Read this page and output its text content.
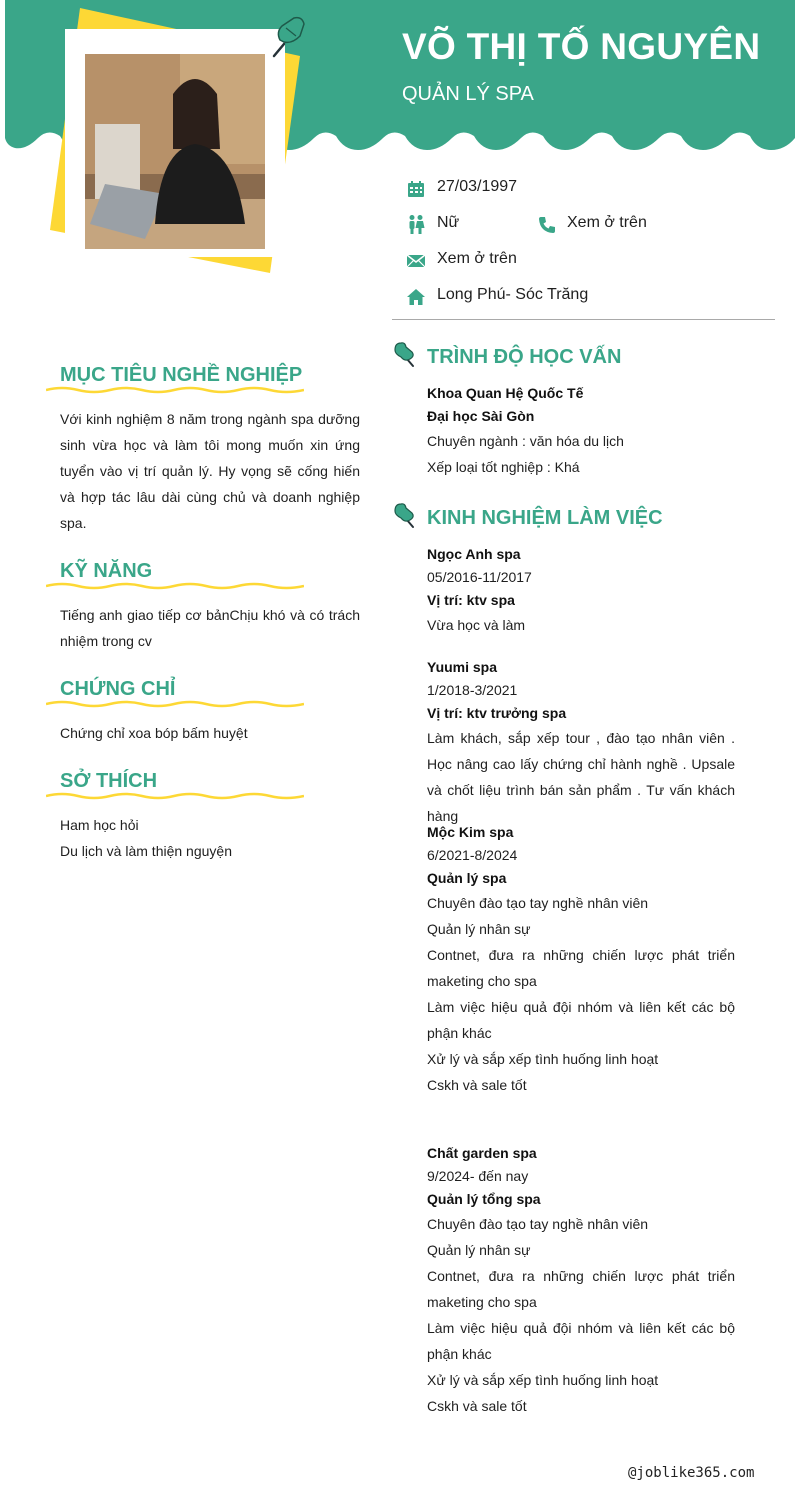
VÕ THỊ TỐ NGUYÊN
QUẢN LÝ SPA
27/03/1997
Nữ	Xem ở trên
Xem ở trên
Long Phú- Sóc Trăng
MỤC TIÊU NGHỀ NGHIỆP

Với kinh nghiệm 8 năm trong ngành spa dưỡng sinh vừa học và làm tôi mong muốn xin ứng tuyển vào vị trí quản lý. Hy vọng sẽ cống hiến và hợp tác lâu dài cùng chủ và doanh nghiệp spa.

KỸ NĂNG

Tiếng anh giao tiếp cơ bảnChịu khó và có trách nhiệm trong cv

CHỨNG CHỈ

Chứng chỉ xoa bóp bấm huyệt

SỞ THÍCH

Ham học hỏi

Du lịch và làm thiện nguyện

TRÌNH ĐỘ HỌC VẤN
Khoa Quan Hệ Quốc Tế
Đại học Sài Gòn
Chuyên ngành : văn hóa du lịch
Xếp loại tốt nghiệp : Khá
KINH NGHIỆM LÀM VIỆC
Ngọc Anh spa
05/2016-11/2017
Vị trí: ktv spa
Vừa học và làm
Yuumi spa
1/2018-3/2021
Vị trí: ktv trưởng spa
Làm khách, sắp xếp tour , đào tạo nhân viên . Học nâng cao lấy chứng chỉ hành nghề . Upsale và chốt liệu trình bán sản phẩm . Tư vấn khách hàng
Mộc Kim spa
6/2021-8/2024
Quản lý spa
Chuyên đào tạo tay nghề nhân viên
Quản lý nhân sự
Contnet, đưa ra những chiến lược phát triển maketing cho spa
Làm việc hiệu quả đội nhóm và liên kết các bộ phận khác
Xử lý và sắp xếp tình huống linh hoạt
Cskh và sale tốt
Chất garden spa
9/2024- đến nay
Quản lý tổng spa
Chuyên đào tạo tay nghề nhân viên
Quản lý nhân sự
Contnet, đưa ra những chiến lược phát triển maketing cho spa
Làm việc hiệu quả đội nhóm và liên kết các bộ phận khác
Xử lý và sắp xếp tình huống linh hoạt
Cskh và sale tốt
@joblike365.com
